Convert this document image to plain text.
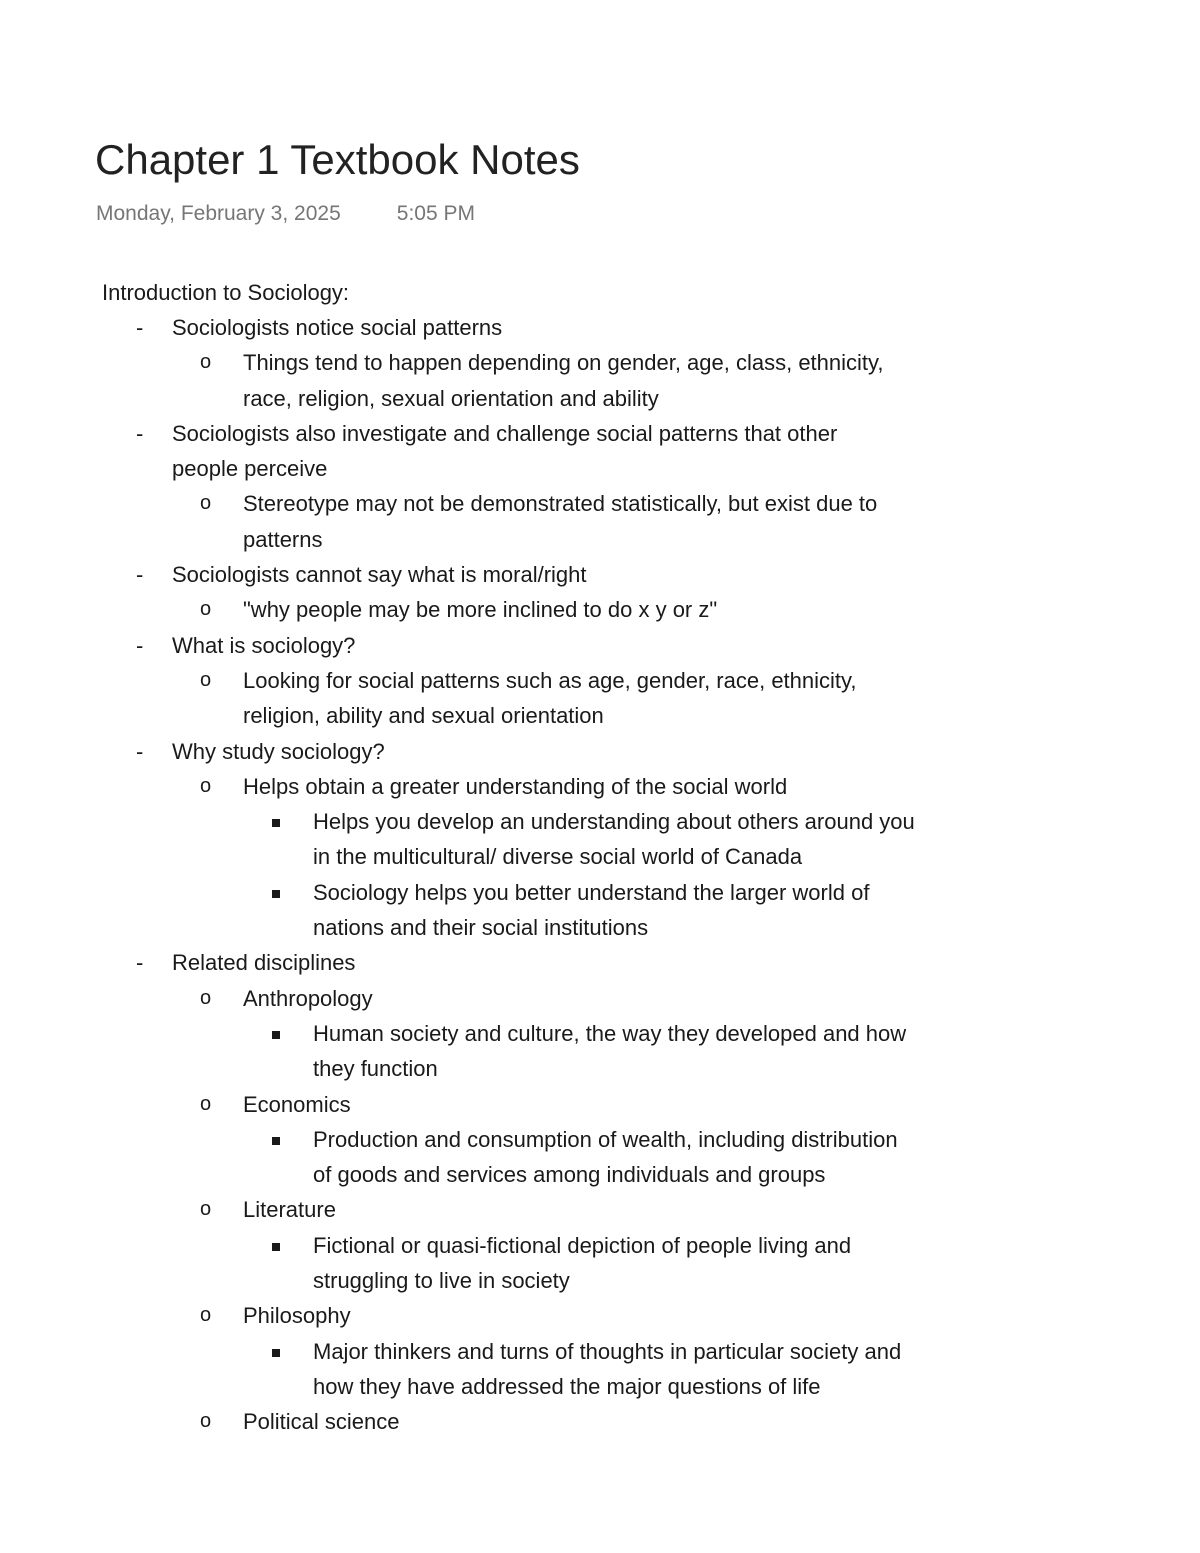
Chapter 1 Textbook Notes
Monday, February 3, 2025	5:05 PM
Introduction to Sociology:
- Sociologists notice social patterns
o Things tend to happen depending on gender, age, class, ethnicity,
race, religion, sexual orientation and ability
- Sociologists also investigate and challenge social patterns that other
people perceive
o Stereotype may not be demonstrated statistically, but exist due to
patterns
- Sociologists cannot say what is moral/right
o "why people may be more inclined to do x y or z"
- What is sociology?
o Looking for social patterns such as age, gender, race, ethnicity,
religion, ability and sexual orientation
- Why study sociology?
o Helps obtain a greater understanding of the social world
Helps you develop an understanding about others around you
in the multicultural/ diverse social world of Canada
Sociology helps you better understand the larger world of
nations and their social institutions
- Related disciplines
o Anthropology
Human society and culture, the way they developed and how
they function
o Economics
Production and consumption of wealth, including distribution
of goods and services among individuals and groups
o Literature
Fictional or quasi-fictional depiction of people living and
struggling to live in society
o Philosophy
Major thinkers and turns of thoughts in particular society and
how they have addressed the major questions of life
o Political science
